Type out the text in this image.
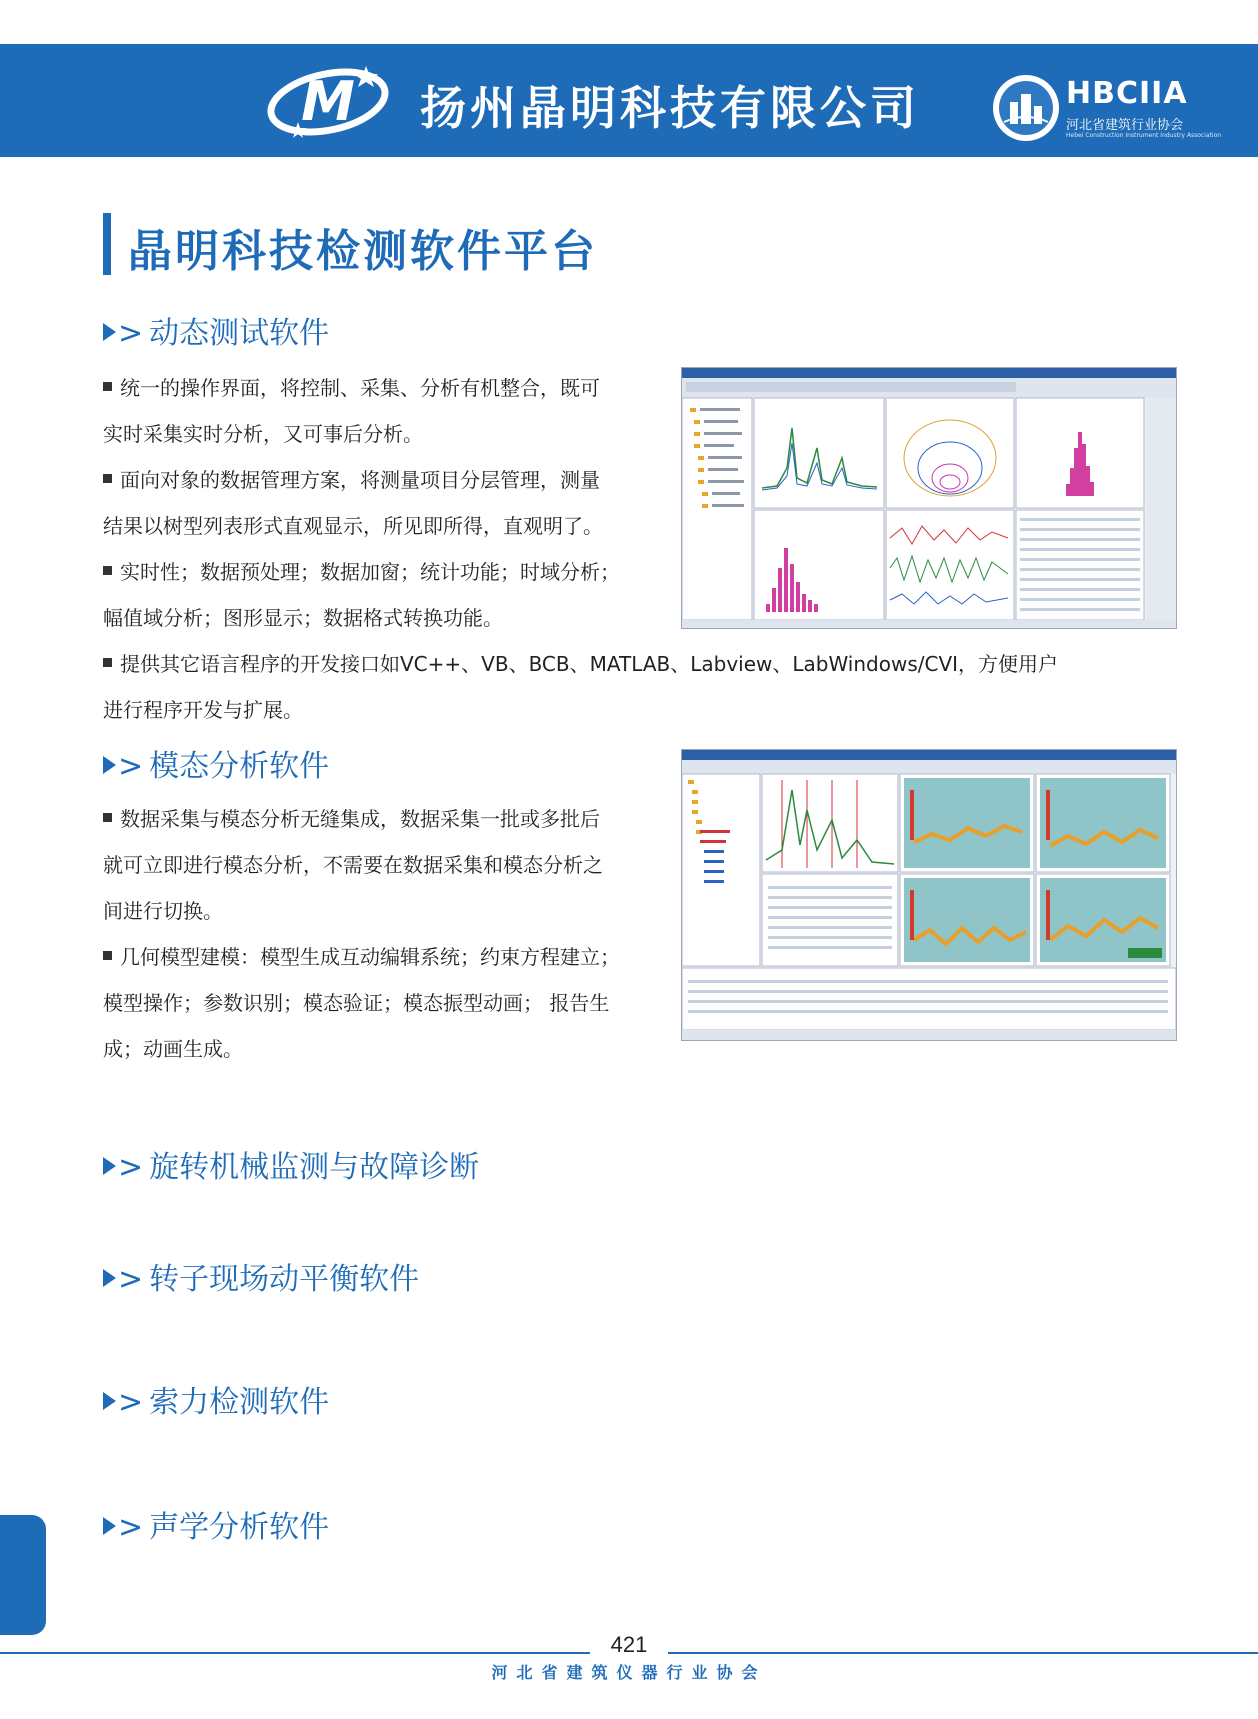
M 扬州晶明科技有限公司	HBCIIA
河北省建筑行业协会
Hebei Construction Instrument Industry Association
晶明科技检测软件平台
> 动态测试软件
统一的操作界面，将控制、采集、分析有机整合，既可
实时采集实时分析，又可事后分析。
面向对象的数据管理方案，将测量项目分层管理，测量
结果以树型列表形式直观显示，所见即所得，直观明了。
实时性；数据预处理；数据加窗；统计功能；时域分析；
幅值域分析；图形显示；数据格式转换功能。
提供其它语言程序的开发接口如VC++、VB、BCB、MATLAB、Labview、LabWindows/CVI，方便用户
进行程序开发与扩展。
> 模态分析软件
数据采集与模态分析无缝集成，数据采集一批或多批后
就可立即进行模态分析，不需要在数据采集和模态分析之
间进行切换。
几何模型建模：模型生成互动编辑系统；约束方程建立；
模型操作；参数识别；模态验证；模态振型动画； 报告生
成；动画生成。
> 旋转机械监测与故障诊断
> 转子现场动平衡软件
> 索力检测软件
> 声学分析软件
421
河北省建筑仪器行业协会
